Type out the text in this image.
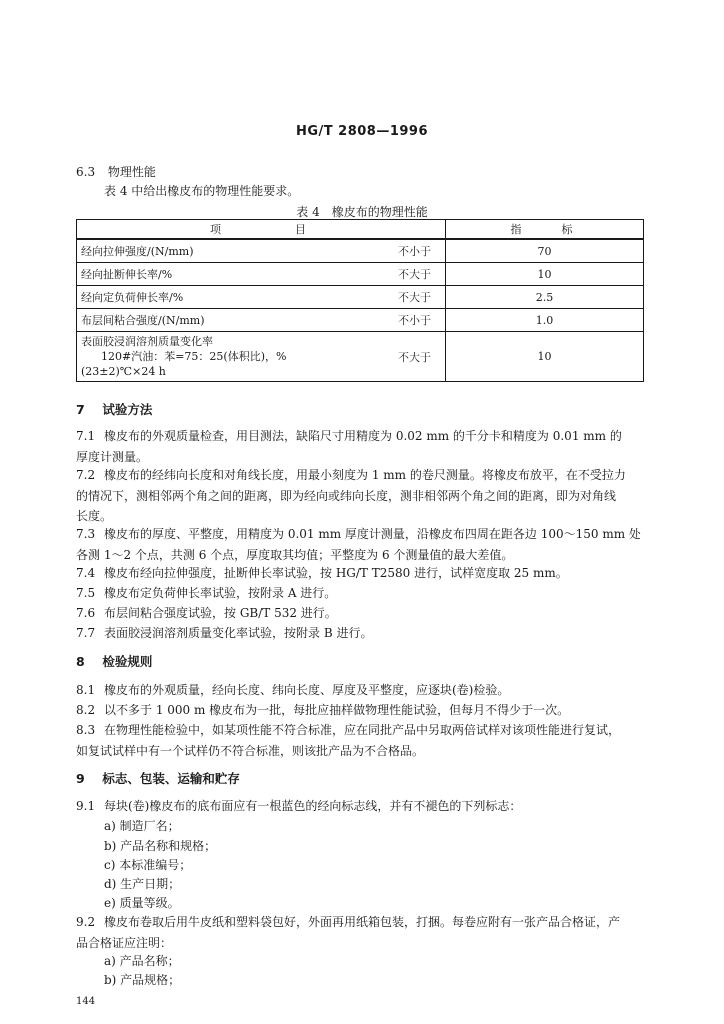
HG/T 2808—1996
6.3 物理性能
表 4 中给出橡皮布的物理性能要求。
表 4　橡皮布的物理性能
项　　　　目		指　　标
经向拉伸强度/(N/mm)	不小于	70
经向扯断伸长率/%	不大于	10
经向定负荷伸长率/%	不大于	2.5
布层间粘合强度/(N/mm)	不小于	1.0

表面胶浸润溶剂质量变化率
120#汽油：苯=75：25(体积比)，%
(23±2)℃×24 h	不大于	10
7 试验方法
7.1 橡皮布的外观质量检查，用目测法，缺陷尺寸用精度为 0.02 mm 的千分卡和精度为 0.01 mm 的
厚度计测量。
7.2 橡皮布的经纬向长度和对角线长度，用最小刻度为 1 mm 的卷尺测量。将橡皮布放平，在不受拉力
的情况下，测相邻两个角之间的距离，即为经向或纬向长度，测非相邻两个角之间的距离，即为对角线
长度。
7.3 橡皮布的厚度、平整度，用精度为 0.01 mm 厚度计测量，沿橡皮布四周在距各边 100～150 mm 处
各测 1～2 个点，共测 6 个点，厚度取其均值；平整度为 6 个测量值的最大差值。
7.4 橡皮布经向拉伸强度，扯断伸长率试验，按 HG/T T2580 进行，试样宽度取 25 mm。
7.5 橡皮布定负荷伸长率试验，按附录 A 进行。
7.6 布层间粘合强度试验，按 GB/T 532 进行。
7.7 表面胶浸润溶剂质量变化率试验，按附录 B 进行。
8 检验规则
8.1 橡皮布的外观质量，经向长度、纬向长度、厚度及平整度，应逐块(卷)检验。
8.2 以不多于 1 000 m 橡皮布为一批，每批应抽样做物理性能试验，但每月不得少于一次。
8.3 在物理性能检验中，如某项性能不符合标准，应在同批产品中另取两倍试样对该项性能进行复试，
如复试试样中有一个试样仍不符合标准，则该批产品为不合格品。
9 标志、包装、运输和贮存
9.1 每块(卷)橡皮布的底布面应有一根蓝色的经向标志线，并有不褪色的下列标志：
a) 制造厂名；
b) 产品名称和规格；
c) 本标准编号；
d) 生产日期；
e) 质量等级。
9.2 橡皮布卷取后用牛皮纸和塑料袋包好，外面再用纸箱包装，打捆。每卷应附有一张产品合格证，产
品合格证应注明：
a) 产品名称；
b) 产品规格；
144
